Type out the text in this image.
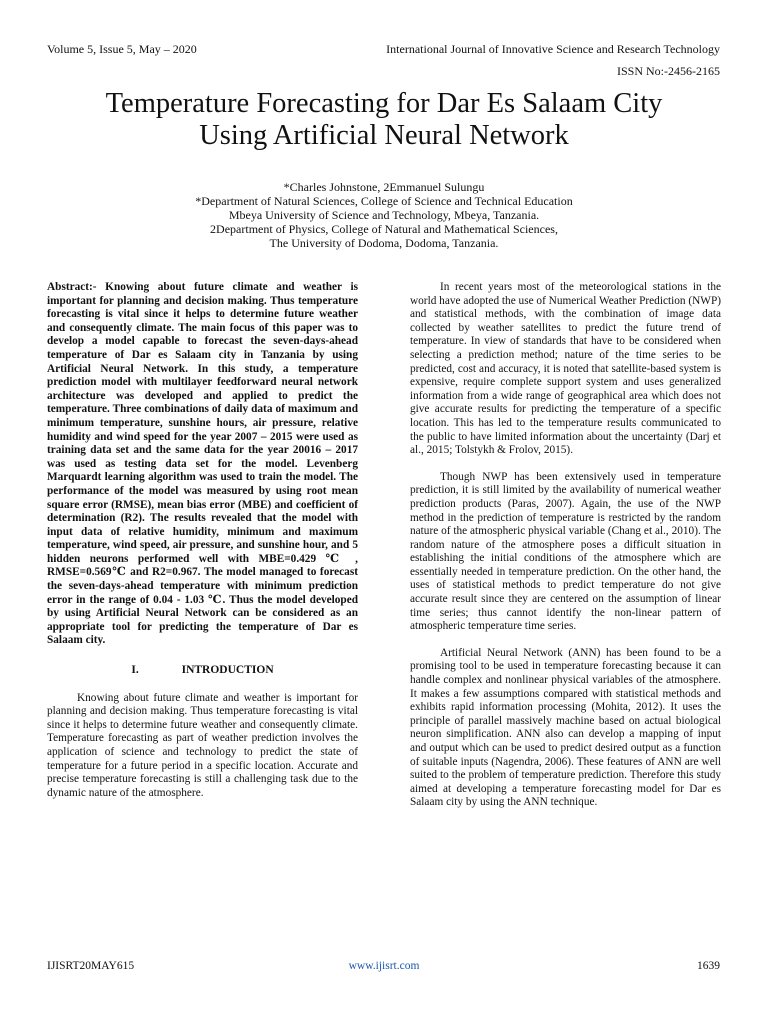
Volume 5, Issue 5, May – 2020	International Journal of Innovative Science and Research Technology
ISSN No:-2456-2165
Temperature Forecasting for Dar Es Salaam City
Using Artificial Neural Network
*Charles Johnstone, 2Emmanuel Sulungu
*Department of Natural Sciences, College of Science and Technical Education
Mbeya University of Science and Technology, Mbeya, Tanzania.
2Department of Physics, College of Natural and Mathematical Sciences,
The University of Dodoma, Dodoma, Tanzania.

Abstract:- Knowing about future climate and weather is important for planning and decision making. Thus temperature forecasting is vital since it helps to determine future weather and consequently climate. The main focus of this paper was to develop a model capable to forecast the seven-days-ahead temperature of Dar es Salaam city in Tanzania by using Artificial Neural Network. In this study, a temperature prediction model with multilayer feedforward neural network architecture was developed and applied to predict the temperature. Three combinations of daily data of maximum and minimum temperature, sunshine hours, air pressure, relative humidity and wind speed for the year 2007 – 2015 were used as training data set and the same data for the year 20016 – 2017 was used as testing data set for the model. Levenberg Marquardt learning algorithm was used to train the model. The performance of the model was measured by using root mean square error (RMSE), mean bias error (MBE) and coefficient of determination (R2). The results revealed that the model with input data of relative humidity, minimum and maximum temperature, wind speed, air pressure, and sunshine hour, and 5 hidden neurons performed well with MBE=0.429 ℃ , RMSE=0.569℃ and R2=0.967. The model managed to forecast the seven-days-ahead temperature with minimum prediction error in the range of 0.04 - 1.03 ℃. Thus the model developed by using Artificial Neural Network can be considered as an appropriate tool for predicting the temperature of Dar es Salaam city.

I.	INTRODUCTION

Knowing about future climate and weather is important for planning and decision making. Thus temperature forecasting is vital since it helps to determine future weather and consequently climate. Temperature forecasting as part of weather prediction involves the application of science and technology to predict the state of temperature for a future period in a specific location. Accurate and precise temperature forecasting is still a challenging task due to the dynamic nature of the atmosphere.

In recent years most of the meteorological stations in the world have adopted the use of Numerical Weather Prediction (NWP) and statistical methods, with the combination of image data collected by weather satellites to predict the future trend of temperature. In view of standards that have to be considered when selecting a prediction method; nature of the time series to be predicted, cost and accuracy, it is noted that satellite-based system is expensive, require complete support system and uses generalized information from a wide range of geographical area which does not give accurate results for predicting the temperature of a specific location. This has led to the temperature results communicated to the public to have limited information about the uncertainty (Darj et al., 2015; Tolstykh & Frolov, 2015).

Though NWP has been extensively used in temperature prediction, it is still limited by the availability of numerical weather prediction products (Paras, 2007). Again, the use of the NWP method in the prediction of temperature is restricted by the random nature of the atmospheric physical variable (Chang et al., 2010). The random nature of the atmosphere poses a difficult situation in establishing the initial conditions of the atmosphere which are essentially needed in temperature prediction. On the other hand, the uses of statistical methods to predict temperature do not give accurate result since they are centered on the assumption of linear time series; thus cannot identify the non-linear pattern of atmospheric temperature time series.

Artificial Neural Network (ANN) has been found to be a promising tool to be used in temperature forecasting because it can handle complex and nonlinear physical variables of the atmosphere. It makes a few assumptions compared with statistical methods and exhibits rapid information processing (Mohita, 2012). It uses the principle of parallel massively machine based on actual biological neuron simplification. ANN also can develop a mapping of input and output which can be used to predict desired output as a function of suitable inputs (Nagendra, 2006). These features of ANN are well suited to the problem of temperature prediction. Therefore this study aimed at developing a temperature forecasting model for Dar es Salaam city by using the ANN technique.

IJISRT20MAY615	www.ijisrt.com	1639
